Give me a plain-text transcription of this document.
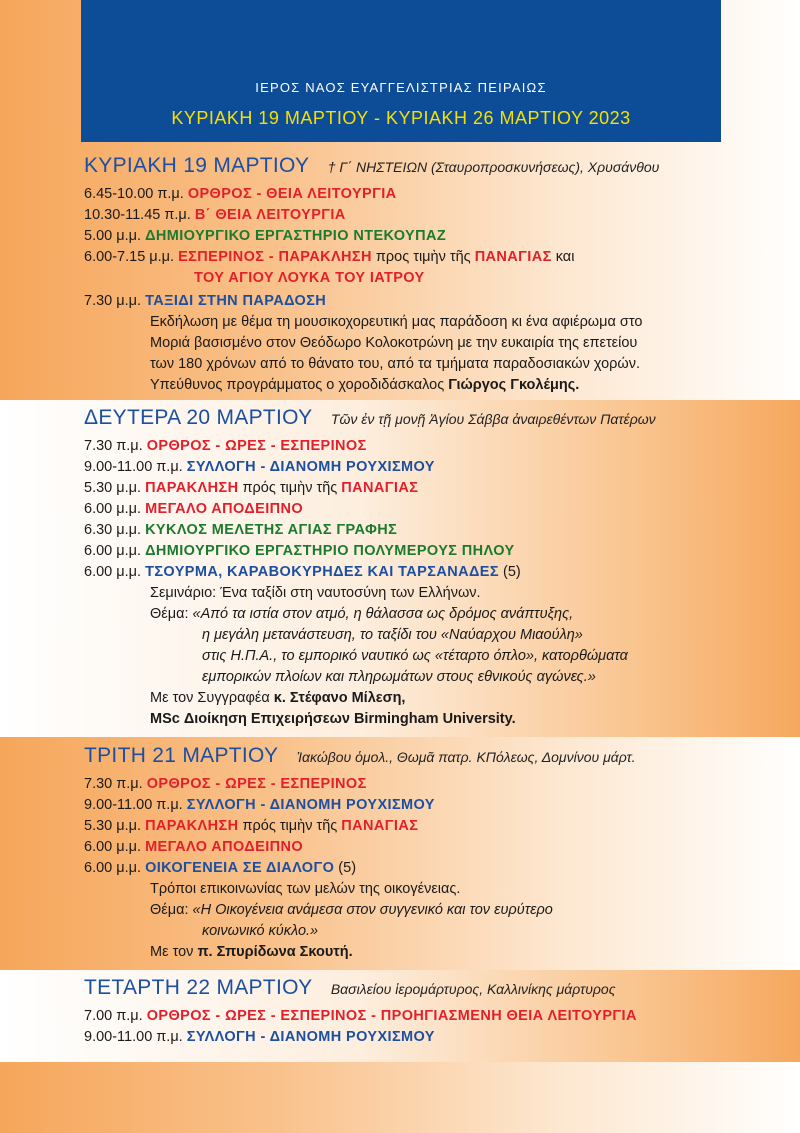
ΙΕΡΟΣ ΝΑΟΣ ΕΥΑΓΓΕΛΙΣΤΡΙΑΣ ΠΕΙΡΑΙΩΣ
ΚΥΡΙΑΚΗ 19 ΜΑΡΤΙΟΥ - ΚΥΡΙΑΚΗ 26 ΜΑΡΤΙΟΥ 2023
ΚΥΡΙΑΚΗ 19 ΜΑΡΤΙΟΥ † Γ΄ ΝΗΣΤΕΙΩΝ (Σταυροπροσκυνήσεως), Χρυσάνθου
6.45-10.00 π.μ. ΟΡΘΡΟΣ - ΘΕΙΑ ΛΕΙΤΟΥΡΓΙΑ
10.30-11.45 π.μ. Β΄ ΘΕΙΑ ΛΕΙΤΟΥΡΓΙΑ
5.00 μ.μ. ΔΗΜΙΟΥΡΓΙΚΟ ΕΡΓΑΣΤΗΡΙΟ ΝΤΕΚΟΥΠΑΖ
6.00-7.15 μ.μ. ΕΣΠΕΡΙΝΟΣ - ΠΑΡΑΚΛΗΣΗ προς τιμὴν τῆς ΠΑΝΑΓΙΑΣ και
ΤΟΥ ΑΓΙΟΥ ΛΟΥΚΑ ΤΟΥ ΙΑΤΡΟΥ
7.30 μ.μ. ΤΑΞΙΔΙ ΣΤΗΝ ΠΑΡΑΔΟΣΗ
Εκδήλωση με θέμα τη μουσικοχορευτική μας παράδοση κι ένα αφιέρωμα στο
Μοριά βασισμένο στον Θεόδωρο Κολοκοτρώνη με την ευκαιρία της επετείου
των 180 χρόνων από το θάνατο του, από τα τμήματα παραδοσιακών χορών.
Υπεύθυνος προγράμματος ο χοροδιδάσκαλος Γιώργος Γκολέμης.
ΔΕΥΤΕΡΑ 20 ΜΑΡΤΙΟΥ Τῶν ἐν τῇ μονῇ Ἁγίου Σάββα ἀναιρεθέντων Πατέρων
7.30 π.μ. ΟΡΘΡΟΣ - ΩΡΕΣ - ΕΣΠΕΡΙΝΟΣ
9.00-11.00 π.μ. ΣΥΛΛΟΓΗ - ΔΙΑΝΟΜΗ ΡΟΥΧΙΣΜΟΥ
5.30 μ.μ. ΠΑΡΑΚΛΗΣΗ πρός τιμὴν τῆς ΠΑΝΑΓΙΑΣ
6.00 μ.μ. ΜΕΓΑΛΟ ΑΠΟΔΕΙΠΝΟ
6.30 μ.μ. ΚΥΚΛΟΣ ΜΕΛΕΤΗΣ ΑΓΙΑΣ ΓΡΑΦΗΣ
6.00 μ.μ. ΔΗΜΙΟΥΡΓΙΚΟ ΕΡΓΑΣΤΗΡΙΟ ΠΟΛΥΜΕΡΟΥΣ ΠΗΛΟΥ
6.00 μ.μ. ΤΣΟΥΡΜΑ, ΚΑΡΑΒΟΚΥΡΗΔΕΣ ΚΑΙ ΤΑΡΣΑΝΑΔΕΣ (5)
Σεμινάριο: Ένα ταξίδι στη ναυτοσύνη των Ελλήνων.
Θέμα: «Από τα ιστία στον ατμό, η θάλασσα ως δρόμος ανάπτυξης,
η μεγάλη μετανάστευση, το ταξίδι του «Ναύαρχου Μιαούλη»
στις Η.Π.Α., το εμπορικό ναυτικό ως «τέταρτο όπλο», κατορθώματα
εμπορικών πλοίων και πληρωμάτων στους εθνικούς αγώνες.»
Με τον Συγγραφέα κ. Στέφανο Μίλεση,
MSc Διοίκηση Επιχειρήσεων Birmingham University.
ΤΡΙΤΗ 21 ΜΑΡΤΙΟΥ Ἰακώβου ὁμολ., Θωμᾶ πατρ. ΚΠόλεως, Δομνίνου μάρτ.
7.30 π.μ. ΟΡΘΡΟΣ - ΩΡΕΣ - ΕΣΠΕΡΙΝΟΣ
9.00-11.00 π.μ. ΣΥΛΛΟΓΗ - ΔΙΑΝΟΜΗ ΡΟΥΧΙΣΜΟΥ
5.30 μ.μ. ΠΑΡΑΚΛΗΣΗ πρός τιμὴν τῆς ΠΑΝΑΓΙΑΣ
6.00 μ.μ. ΜΕΓΑΛΟ ΑΠΟΔΕΙΠΝΟ
6.00 μ.μ. ΟΙΚΟΓΕΝΕΙΑ ΣΕ ΔΙΑΛΟΓΟ (5)
Τρόποι επικοινωνίας των μελών της οικογένειας.
Θέμα: «Η Οικογένεια ανάμεσα στον συγγενικό και τον ευρύτερο
κοινωνικό κύκλο.»
Με τον π. Σπυρίδωνα Σκουτή.
ΤΕΤΑΡΤΗ 22 ΜΑΡΤΙΟΥ Βασιλείου ἱερομάρτυρος, Καλλινίκης μάρτυρος
7.00 π.μ. ΟΡΘΡΟΣ - ΩΡΕΣ - ΕΣΠΕΡΙΝΟΣ - ΠΡΟΗΓΙΑΣΜΕΝΗ ΘΕΙΑ ΛΕΙΤΟΥΡΓΙΑ
9.00-11.00 π.μ. ΣΥΛΛΟΓΗ - ΔΙΑΝΟΜΗ ΡΟΥΧΙΣΜΟΥ
